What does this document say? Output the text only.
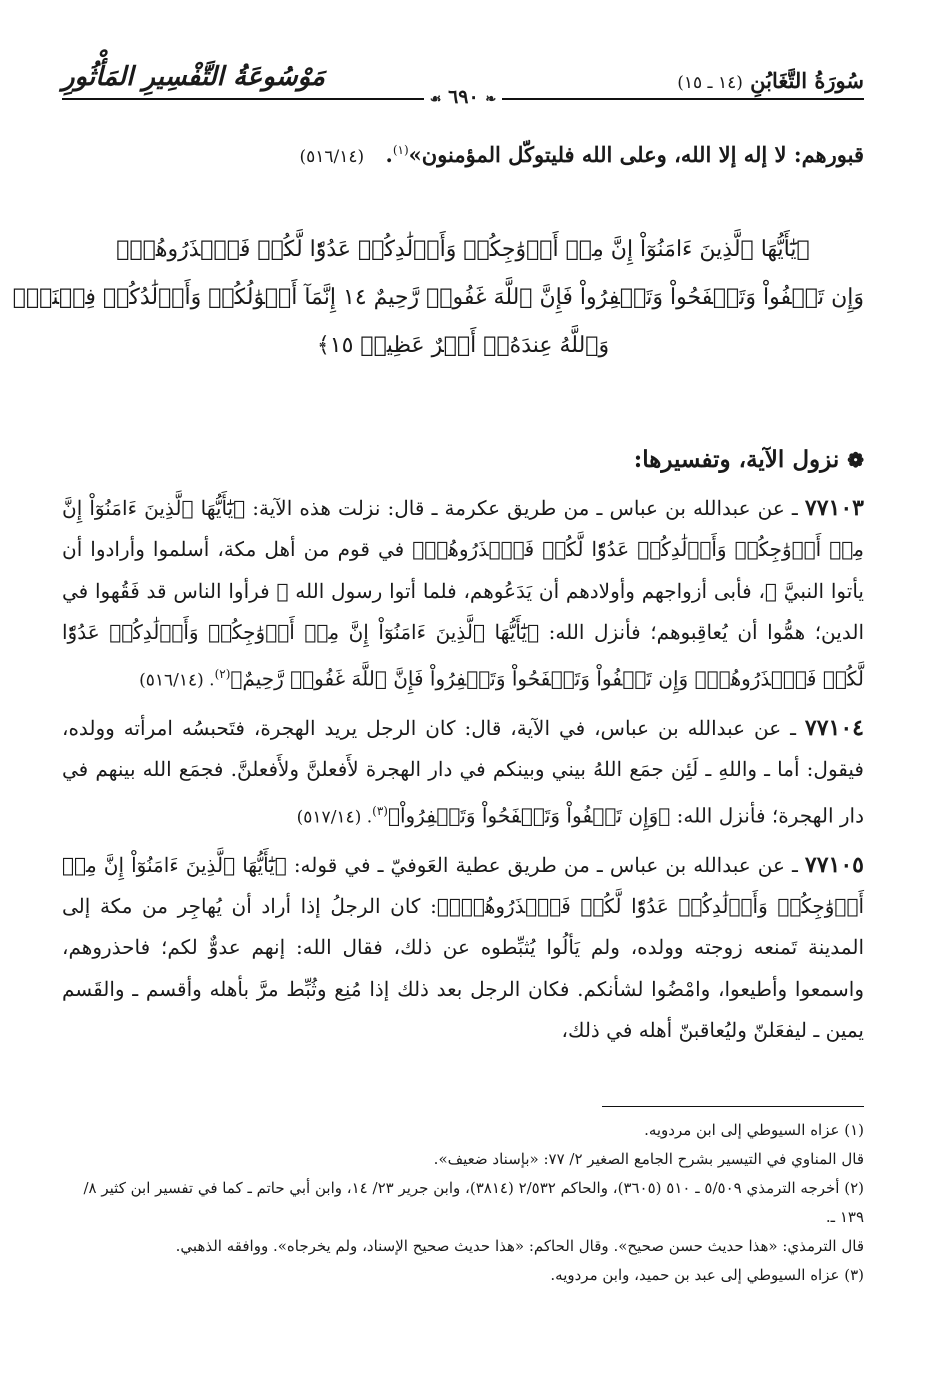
سُورَةُ التَّغَابُنِ (١٤ ـ ١٥)
مَوْسُوعَةُ التَّفْسِيرِ المَأْثُورِ
❧ ٦٩٠ ☙
قبورهم: لا إله إلا الله، وعلى الله فليتوكّل المؤمنون»$^{(١)}$. (٥١٦/١٤)
﴿يَٰٓأَيُّهَا ٱلَّذِينَ ءَامَنُوٓاْ إِنَّ مِنۡ أَزۡوَٰجِكُمۡ وَأَوۡلَٰدِكُمۡ عَدُوّٗا لَّكُمۡ فَٱحۡذَرُوهُمۡۚ
وَإِن تَعۡفُواْ وَتَصۡفَحُواْ وَتَغۡفِرُواْ فَإِنَّ ٱللَّهَ غَفُورٞ رَّحِيمٌ ١٤ إِنَّمَآ أَمۡوَٰلُكُمۡ وَأَوۡلَٰدُكُمۡ فِتۡنَةٞۚ
وَٱللَّهُ عِندَهُۥٓ أَجۡرٌ عَظِيمٞ ١٥﴾
❁نزول الآية، وتفسيرها:

٧٧١٠٣ ـ عن عبدالله بن عباس ـ من طريق عكرمة ـ قال: نزلت هذه الآية: ﴿يَٰٓأَيُّهَا ٱلَّذِينَ ءَامَنُوٓاْ إِنَّ مِنۡ أَزۡوَٰجِكُمۡ وَأَوۡلَٰدِكُمۡ عَدُوّٗا لَّكُمۡ فَٱحۡذَرُوهُمۡ﴾ في قوم من أهل مكة، أسلموا وأرادوا أن يأتوا النبيَّ ﷺ، فأبى أزواجهم وأولادهم أن يَدَعُوهم، فلما أتوا رسول الله ﷺ فرأوا الناس قد فَقُهوا في الدين؛ همُّوا أن يُعاقِبوهم؛ فأنزل الله: ﴿يَٰٓأَيُّهَا ٱلَّذِينَ ءَامَنُوٓاْ إِنَّ مِنۡ أَزۡوَٰجِكُمۡ وَأَوۡلَٰدِكُمۡ عَدُوّٗا لَّكُمۡ فَٱحۡذَرُوهُمۡۚ وَإِن تَعۡفُواْ وَتَصۡفَحُواْ وَتَغۡفِرُواْ فَإِنَّ ٱللَّهَ غَفُورٞ رَّحِيمٌ﴾$^{(٢)}$. (٥١٦/١٤)

٧٧١٠٤ ـ عن عبدالله بن عباس، في الآية، قال: كان الرجل يريد الهجرة، فتَحبسُه امرأته وولده، فيقول: أما ـ واللهِ ـ لَئِن جمَع اللهُ بيني وبينكم في دار الهجرة لأَفعلنَّ ولأَفعلنَّ. فجمَع الله بينهم في دار الهجرة؛ فأنزل الله: ﴿وَإِن تَعۡفُواْ وَتَصۡفَحُواْ وَتَغۡفِرُواْ﴾$^{(٣)}$. (٥١٧/١٤)

٧٧١٠٥ ـ عن عبدالله بن عباس ـ من طريق عطية العَوفيّ ـ في قوله: ﴿يَٰٓأَيُّهَا ٱلَّذِينَ ءَامَنُوٓاْ إِنَّ مِنۡ أَزۡوَٰجِكُمۡ وَأَوۡلَٰدِكُمۡ عَدُوّٗا لَّكُمۡ فَٱحۡذَرُوهُمۡۚ﴾: كان الرجلُ إذا أراد أن يُهاجِر من مكة إلى المدينة تَمنعه زوجته وولده، ولم يَألُوا يُثبِّطوه عن ذلك، فقال الله: إنهم عدوٌّ لكم؛ فاحذروهم، واسمعوا وأطيعوا، وامْضُوا لشأنكم. فكان الرجل بعد ذلك إذا مُنِع وثُبِّط مرَّ بأهله وأقسم ـ والقَسم يمين ـ ليفعَلنّ وليُعاقبنّ أهله في ذلك،

(١) عزاه السيوطي إلى ابن مردويه.

قال المناوي في التيسير بشرح الجامع الصغير ٢/ ٧٧: «بإسناد ضعيف».

(٢) أخرجه الترمذي ٥/٥٠٩ ـ ٥١٠ (٣٦٠٥)، والحاكم ٢/٥٣٢ (٣٨١٤)، وابن جرير ٢٣/ ١٤، وابن أبي حاتم ـ كما في تفسير ابن كثير ٨/ ١٣٩ ـ.

قال الترمذي: «هذا حديث حسن صحيح». وقال الحاكم: «هذا حديث صحيح الإسناد، ولم يخرجاه». ووافقه الذهبي.

(٣) عزاه السيوطي إلى عبد بن حميد، وابن مردويه.
